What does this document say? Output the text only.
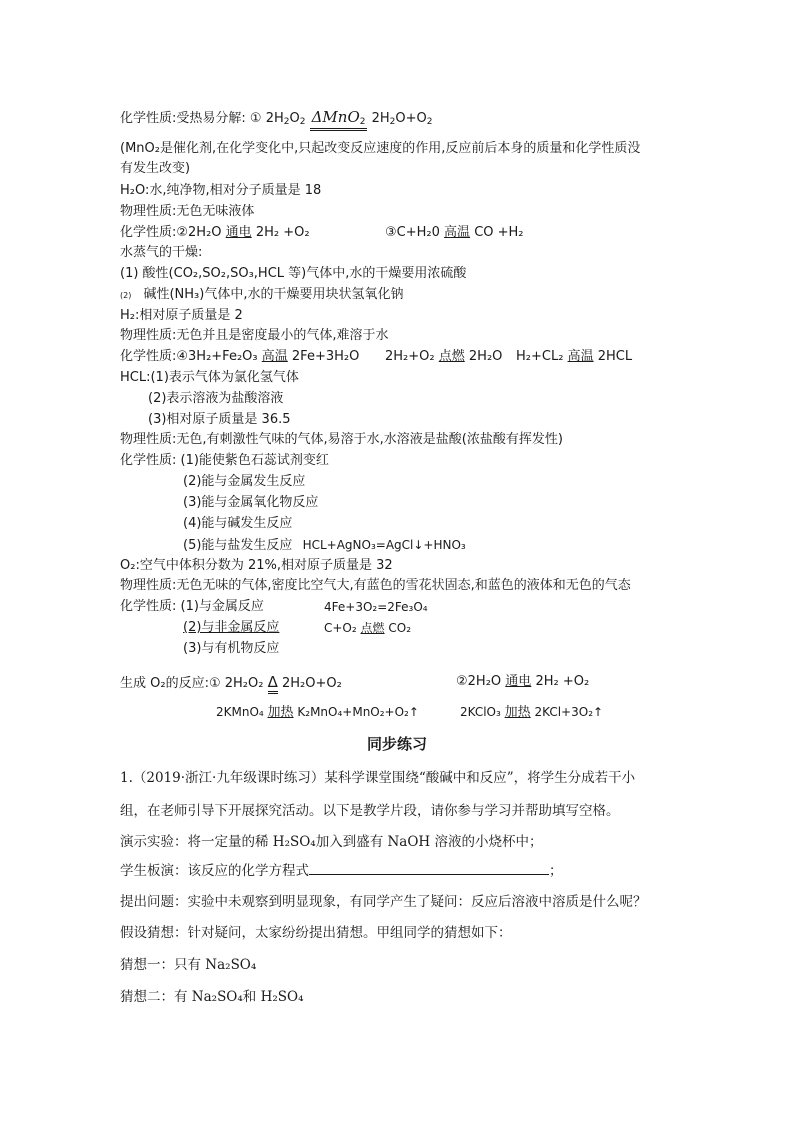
化学性质:受热易分解: ① $2H_2O_2$ ΔMnO$_2$ $2H_2O+O_2$
(MnO₂是催化剂,在化学变化中,只起改变反应速度的作用,反应前后本身的质量和化学性质没
有发生改变)
H₂O:水,纯净物,相对分子质量是 18
物理性质:无色无味液体
化学性质:②2H₂O 通电 2H₂ +O₂	③C+H₂0 高温 CO +H₂
水蒸气的干燥:
(1) 酸性(CO₂,SO₂,SO₃,HCL 等)气体中,水的干燥要用浓硫酸
(2) 碱性(NH₃)气体中,水的干燥要用块状氢氧化钠
H₂:相对原子质量是 2
物理性质:无色并且是密度最小的气体,难溶于水
化学性质:④3H₂+Fe₂O₃ 高温 2Fe+3H₂O 2H₂+O₂ 点燃 2H₂O H₂+CL₂ 高温 2HCL
HCL:(1)表示气体为氯化氢气体
(2)表示溶液为盐酸溶液
(3)相对原子质量是 36.5
物理性质:无色,有刺激性气味的气体,易溶于水,水溶液是盐酸(浓盐酸有挥发性)
化学性质: (1)能使紫色石蕊试剂变红
(2)能与金属发生反应
(3)能与金属氧化物反应
(4)能与碱发生反应
(5)能与盐发生反应 HCL+AgNO₃=AgCl↓+HNO₃
O₂:空气中体积分数为 21%,相对原子质量是 32
物理性质:无色无味的气体,密度比空气大,有蓝色的雪花状固态,和蓝色的液体和无色的气态
化学性质: (1)与金属反应	4Fe+3O₂=2Fe₃O₄
(2)与非金属反应	C+O₂ 点燃 CO₂
(3)与有机物反应
生成 O₂的反应:① 2H₂O₂ Δ 2H₂O+O₂	②2H₂O 通电 2H₂ +O₂
2KMnO₄ 加热 K₂MnO₄+MnO₂+O₂↑	2KClO₃ 加热 2KCl+3O₂↑
同步练习
1.（2019·浙江·九年级课时练习）某科学课堂围绕“酸碱中和反应”，将学生分成若干小
组，在老师引导下开展探究活动。以下是教学片段，请你参与学习并帮助填写空格。
演示实验：将一定量的稀 H₂SO₄加入到盛有 NaOH 溶液的小烧杯中；
学生板演：该反应的化学方程式	；
提出问题：实验中未观察到明显现象，有同学产生了疑问：反应后溶液中溶质是什么呢？
假设猜想：针对疑问，太家纷纷提出猜想。甲组同学的猜想如下：
猜想一：只有 Na₂SO₄
猜想二：有 Na₂SO₄和 H₂SO₄
